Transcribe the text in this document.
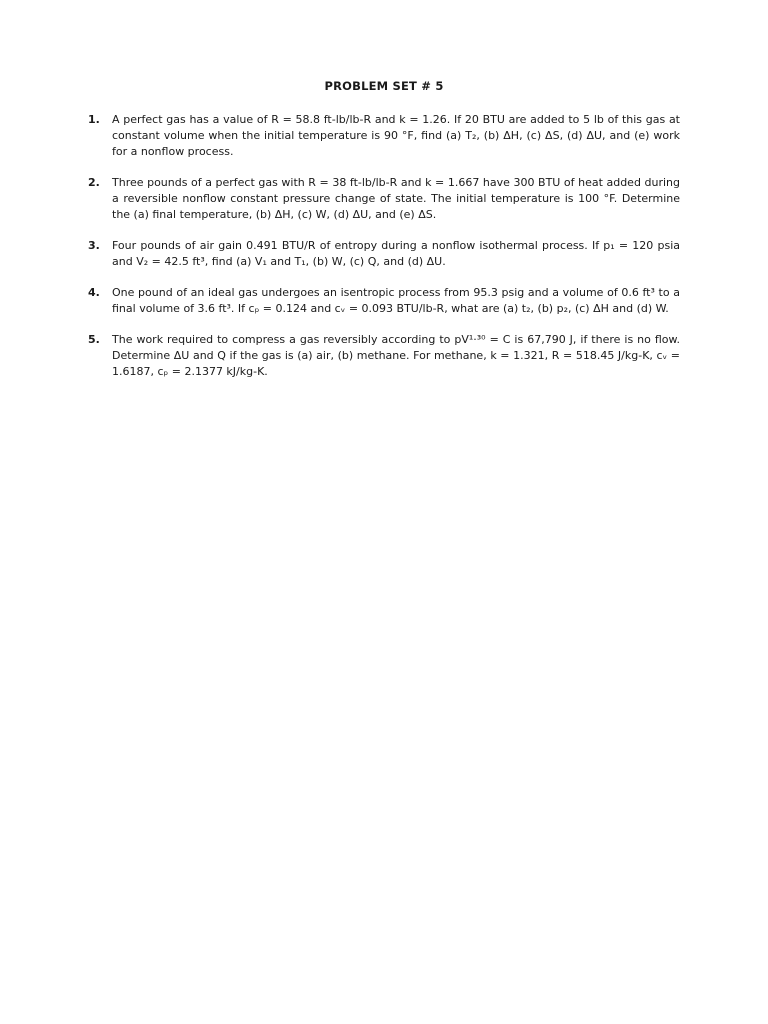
PROBLEM SET # 5
1.	A perfect gas has a value of R = 58.8 ft-lb/lb-R and k = 1.26. If 20 BTU are added to 5 lb of this gas at constant volume when the initial temperature is 90 °F, find (a) T₂, (b) ΔH, (c) ΔS, (d) ΔU, and (e) work for a nonflow process.
2.	Three pounds of a perfect gas with R = 38 ft-lb/lb-R and k = 1.667 have 300 BTU of heat added during a reversible nonflow constant pressure change of state. The initial temperature is 100 °F. Determine the (a) final temperature, (b) ΔH, (c) W, (d) ΔU, and (e) ΔS.
3.	Four pounds of air gain 0.491 BTU/R of entropy during a nonflow isothermal process. If p₁ = 120 psia and V₂ = 42.5 ft³, find (a) V₁ and T₁, (b) W, (c) Q, and (d) ΔU.
4.	One pound of an ideal gas undergoes an isentropic process from 95.3 psig and a volume of 0.6 ft³ to a final volume of 3.6 ft³. If cₚ = 0.124 and cᵥ = 0.093 BTU/lb-R, what are (a) t₂, (b) p₂, (c) ΔH and (d) W.
5.	The work required to compress a gas reversibly according to pV¹·³⁰ = C is 67,790 J, if there is no flow. Determine ΔU and Q if the gas is (a) air, (b) methane. For methane, k = 1.321, R = 518.45 J/kg-K, cᵥ = 1.6187, cₚ = 2.1377 kJ/kg-K.
